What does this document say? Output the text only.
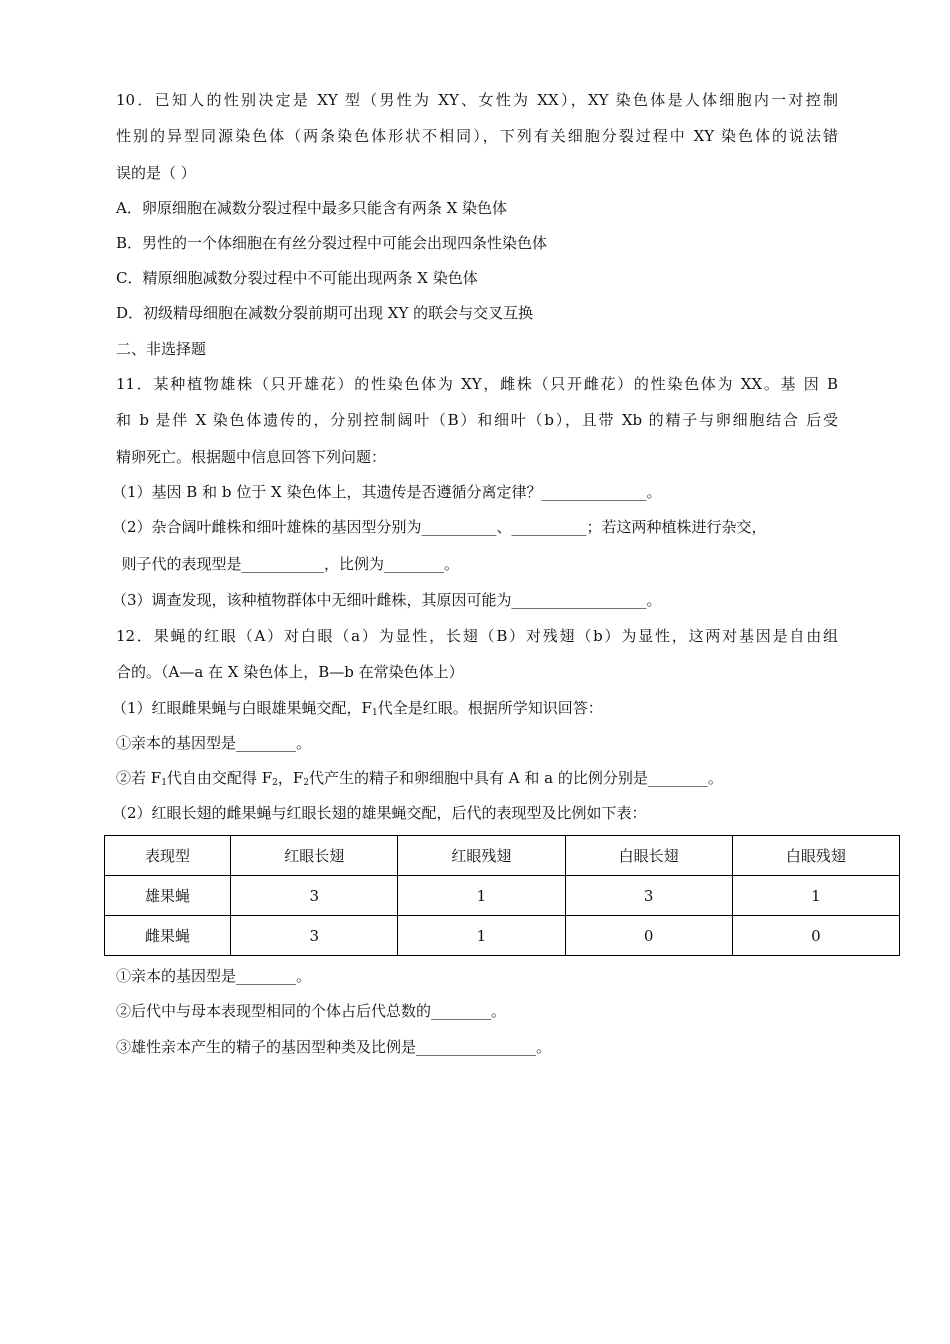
10．已知人的性别决定是 XY 型（男性为 XY、女性为 XX），XY 染色体是人体细胞内一对控制
性别的异型同源染色体（两条染色体形状不相同），下列有关细胞分裂过程中 XY 染色体的说法错
误的是（ ）
A．卵原细胞在减数分裂过程中最多只能含有两条 X 染色体
B．男性的一个体细胞在有丝分裂过程中可能会出现四条性染色体
C．精原细胞减数分裂过程中不可能出现两条 X 染色体
D．初级精母细胞在减数分裂前期可出现 XY 的联会与交叉互换
二、非选择题
11．某种植物雄株（只开雄花）的性染色体为 XY，雌株（只开雌花）的性染色体为 XX。基 因 B
和 b 是伴 X 染色体遗传的，分别控制阔叶（B）和细叶（b），且带 Xb 的精子与卵细胞结合 后受
精卵死亡。根据题中信息回答下列问题：
（1）基因 B 和 b 位于 X 染色体上，其遗传是否遵循分离定律？______________。
（2）杂合阔叶雌株和细叶雄株的基因型分别为__________、__________；若这两种植株进行杂交，
则子代的表现型是___________，比例为________。
（3）调查发现，该种植物群体中无细叶雌株，其原因可能为__________________。
12．果蝇的红眼（A）对白眼（a）为显性，长翅（B）对残翅（b）为显性，这两对基因是自由组
合的。（A—a 在 X 染色体上，B—b 在常染色体上）
（1）红眼雌果蝇与白眼雄果蝇交配，$F_1$代全是红眼。根据所学知识回答：
①亲本的基因型是________。
②若 $F_1$代自由交配得 $F_2$，$F_2$代产生的精子和卵细胞中具有 A 和 a 的比例分别是________。
（2）红眼长翅的雌果蝇与红眼长翅的雄果蝇交配，后代的表现型及比例如下表：
表现型	红眼长翅	红眼残翅	白眼长翅	白眼残翅
雄果蝇	3	1	3	1
雌果蝇	3	1	0	0
①亲本的基因型是________。
②后代中与母本表现型相同的个体占后代总数的________。
③雄性亲本产生的精子的基因型种类及比例是________________。
